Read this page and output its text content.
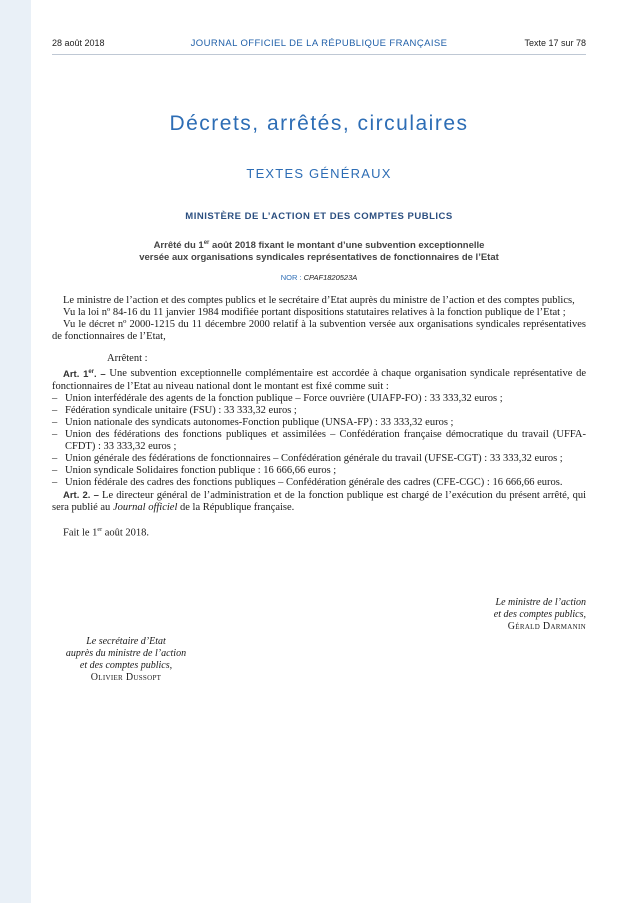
28 août 2018	JOURNAL OFFICIEL DE LA RÉPUBLIQUE FRANÇAISE	Texte 17 sur 78
Décrets, arrêtés, circulaires
TEXTES GÉNÉRAUX
MINISTÈRE DE L’ACTION ET DES COMPTES PUBLICS
Arrêté du 1er août 2018 fixant le montant d’une subvention exceptionnelle
versée aux organisations syndicales représentatives de fonctionnaires de l’Etat
NOR : CPAF1820523A

Le ministre de l’action et des comptes publics et le secrétaire d’Etat auprès du ministre de l’action et des comptes publics,

Vu la loi nº 84-16 du 11 janvier 1984 modifiée portant dispositions statutaires relatives à la fonction publique de l’Etat ;

Vu le décret nº 2000-1215 du 11 décembre 2000 relatif à la subvention versée aux organisations syndicales représentatives de fonctionnaires de l’Etat,

Arrêtent :

Art. 1er. – Une subvention exceptionnelle complémentaire est accordée à chaque organisation syndicale représentative de fonctionnaires de l’Etat au niveau national dont le montant est fixé comme suit :

– Union interfédérale des agents de la fonction publique – Force ouvrière (UIAFP-FO) : 33 333,32 euros ;
– Fédération syndicale unitaire (FSU) : 33 333,32 euros ;
– Union nationale des syndicats autonomes-Fonction publique (UNSA-FP) : 33 333,32 euros ;
– Union des fédérations des fonctions publiques et assimilées – Confédération française démocratique du travail (UFFA-CFDT) : 33 333,32 euros ;
– Union générale des fédérations de fonctionnaires – Confédération générale du travail (UFSE-CGT) : 33 333,32 euros ;
– Union syndicale Solidaires fonction publique : 16 666,66 euros ;
– Union fédérale des cadres des fonctions publiques – Confédération générale des cadres (CFE-CGC) : 16 666,66 euros.

Art. 2. – Le directeur général de l’administration et de la fonction publique est chargé de l’exécution du présent arrêté, qui sera publié au Journal officiel de la République française.

Fait le 1er août 2018.

Le ministre de l’action
et des comptes publics,
Gérald Darmanin
Le secrétaire d’Etat
auprès du ministre de l’action
et des comptes publics,
Olivier Dussopt
